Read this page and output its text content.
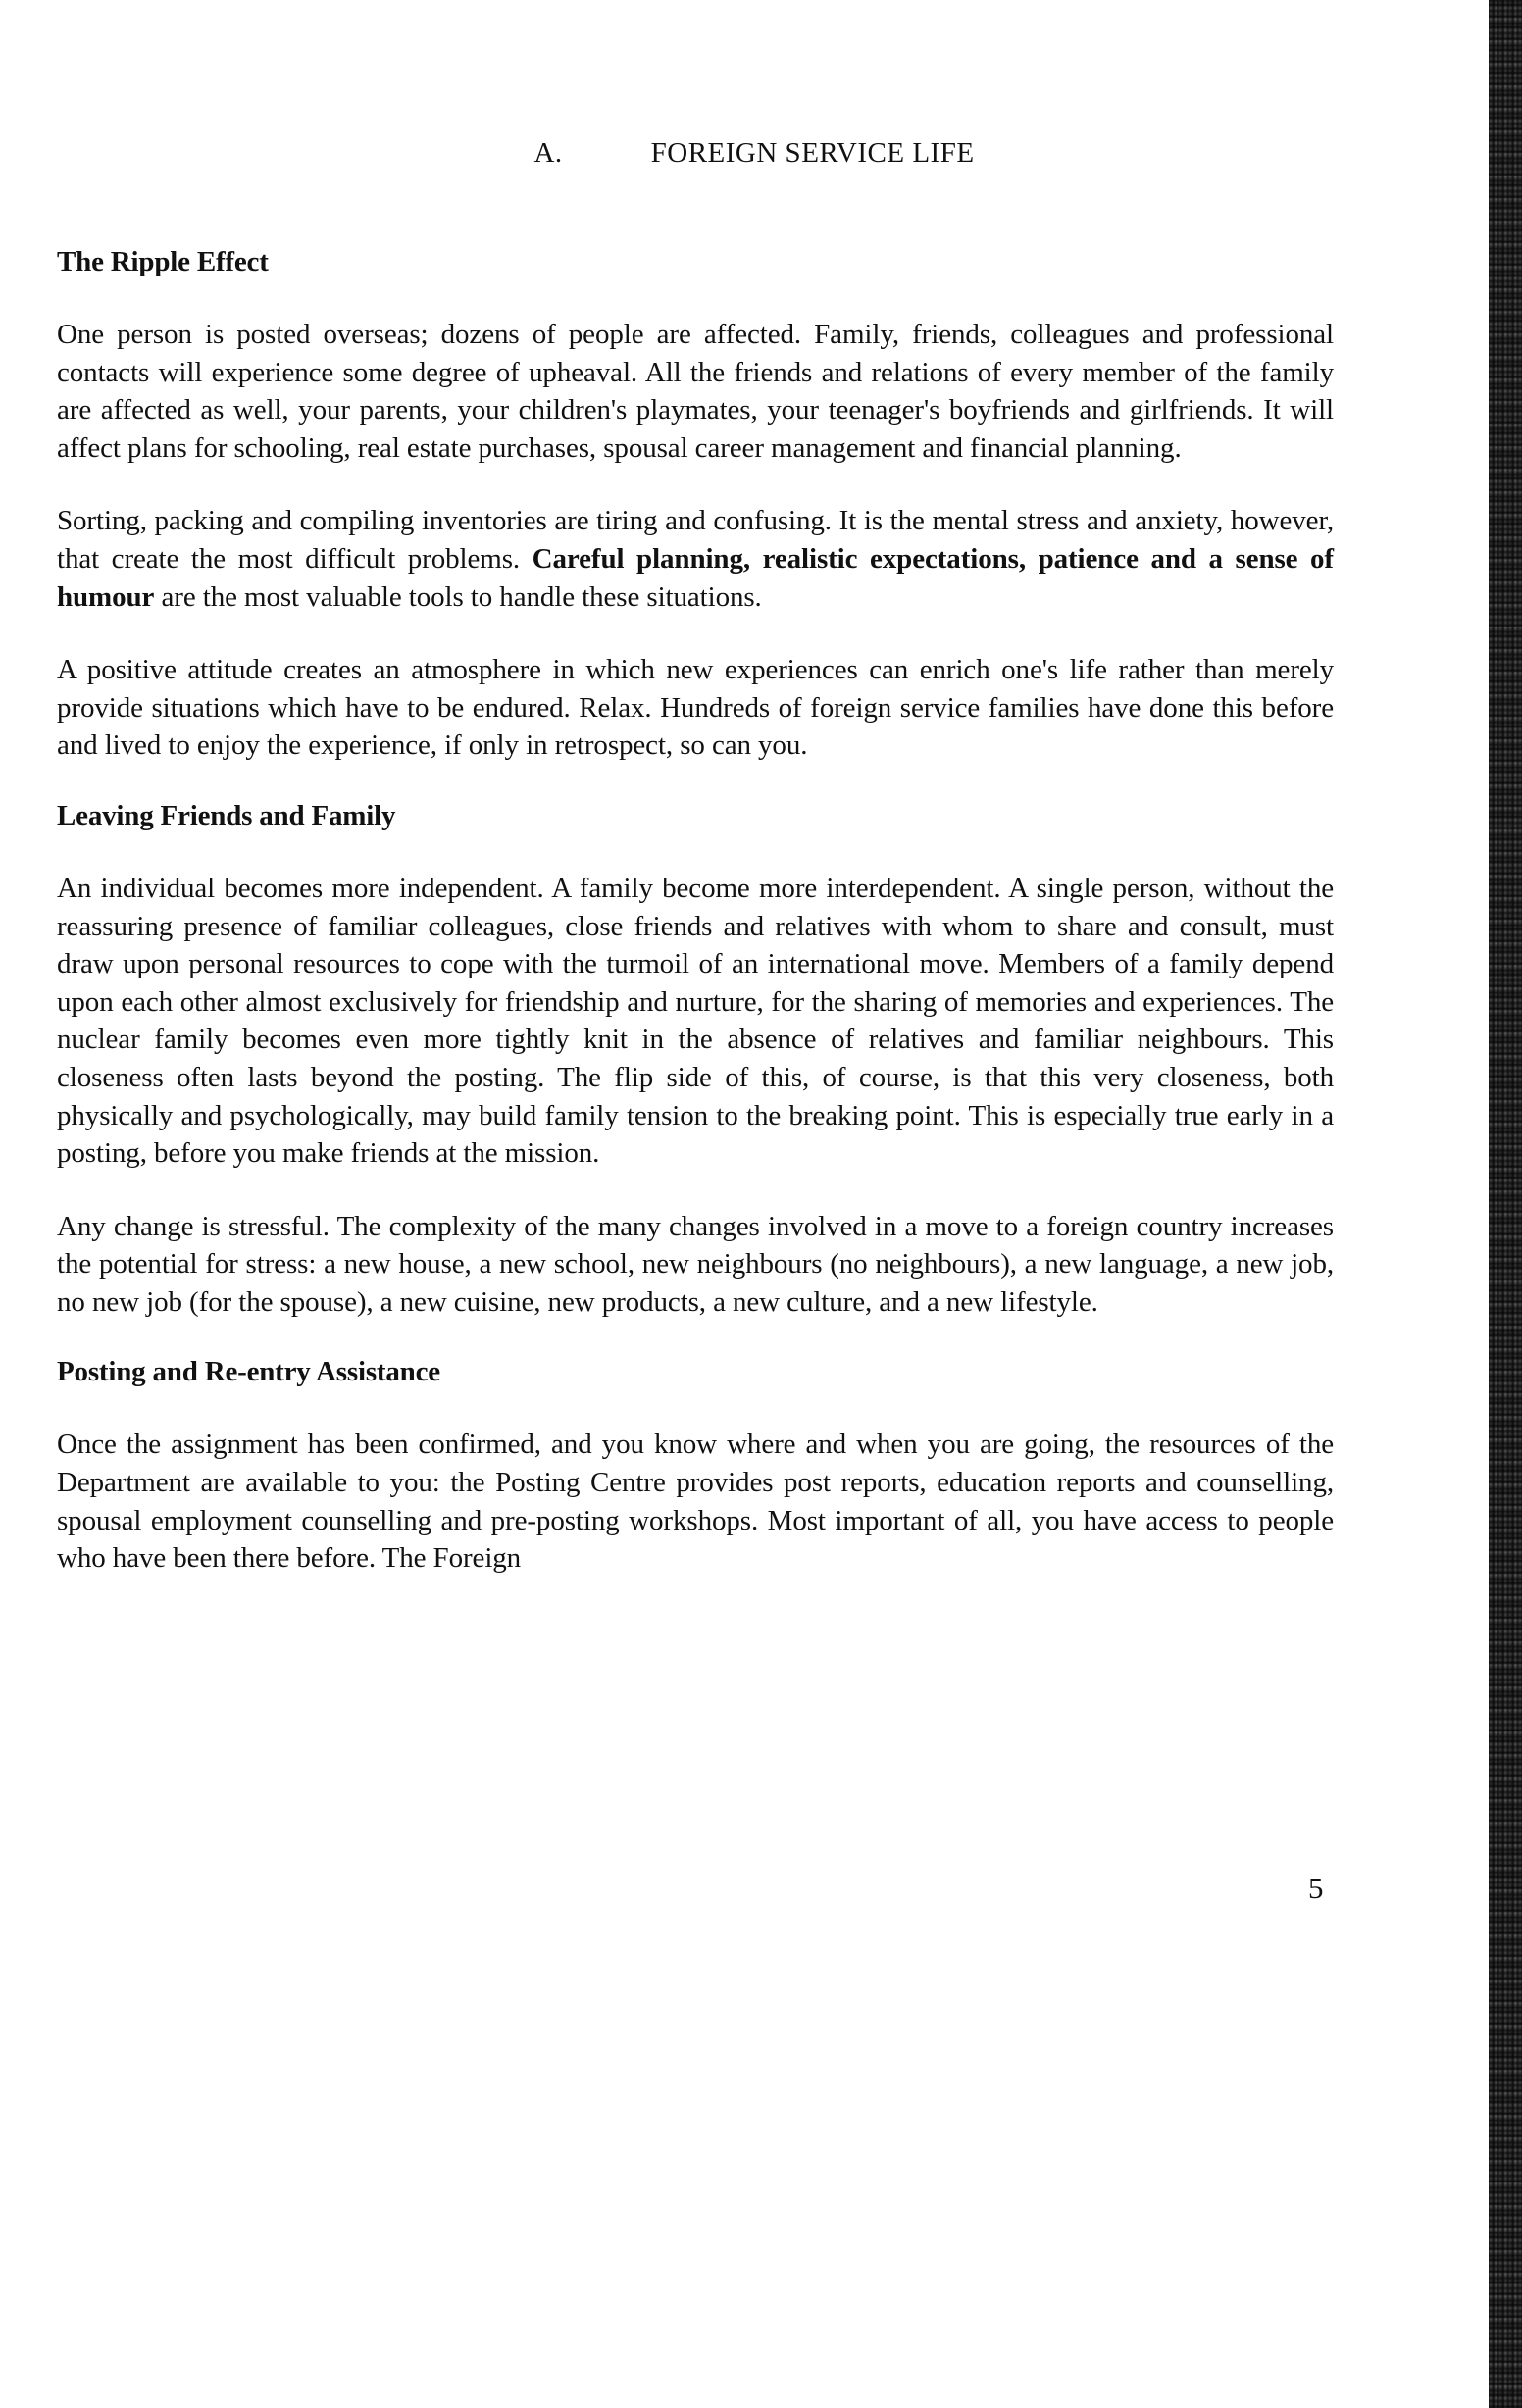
A.	FOREIGN SERVICE LIFE
The Ripple Effect

One person is posted overseas; dozens of people are affected. Family, friends, colleagues and professional contacts will experience some degree of upheaval. All the friends and relations of every member of the family are affected as well, your parents, your children's playmates, your teenager's boyfriends and girlfriends. It will affect plans for schooling, real estate purchases, spousal career management and financial planning.

Sorting, packing and compiling inventories are tiring and confusing. It is the mental stress and anxiety, however, that create the most difficult problems. Careful planning, realistic expectations, patience and a sense of humour are the most valuable tools to handle these situations.

A positive attitude creates an atmosphere in which new experiences can enrich one's life rather than merely provide situations which have to be endured. Relax. Hundreds of foreign service families have done this before and lived to enjoy the experience, if only in retrospect, so can you.

Leaving Friends and Family

An individual becomes more independent. A family become more interdependent. A single person, without the reassuring presence of familiar colleagues, close friends and relatives with whom to share and consult, must draw upon personal resources to cope with the turmoil of an international move. Members of a family depend upon each other almost exclusively for friendship and nurture, for the sharing of memories and experiences. The nuclear family becomes even more tightly knit in the absence of relatives and familiar neighbours. This closeness often lasts beyond the posting. The flip side of this, of course, is that this very closeness, both physically and psychologically, may build family tension to the breaking point. This is especially true early in a posting, before you make friends at the mission.

Any change is stressful. The complexity of the many changes involved in a move to a foreign country increases the potential for stress: a new house, a new school, new neighbours (no neighbours), a new language, a new job, no new job (for the spouse), a new cuisine, new products, a new culture, and a new lifestyle.

Posting and Re-entry Assistance

Once the assignment has been confirmed, and you know where and when you are going, the resources of the Department are available to you: the Posting Centre provides post reports, education reports and counselling, spousal employment counselling and pre-posting workshops. Most important of all, you have access to people who have been there before. The Foreign

5
